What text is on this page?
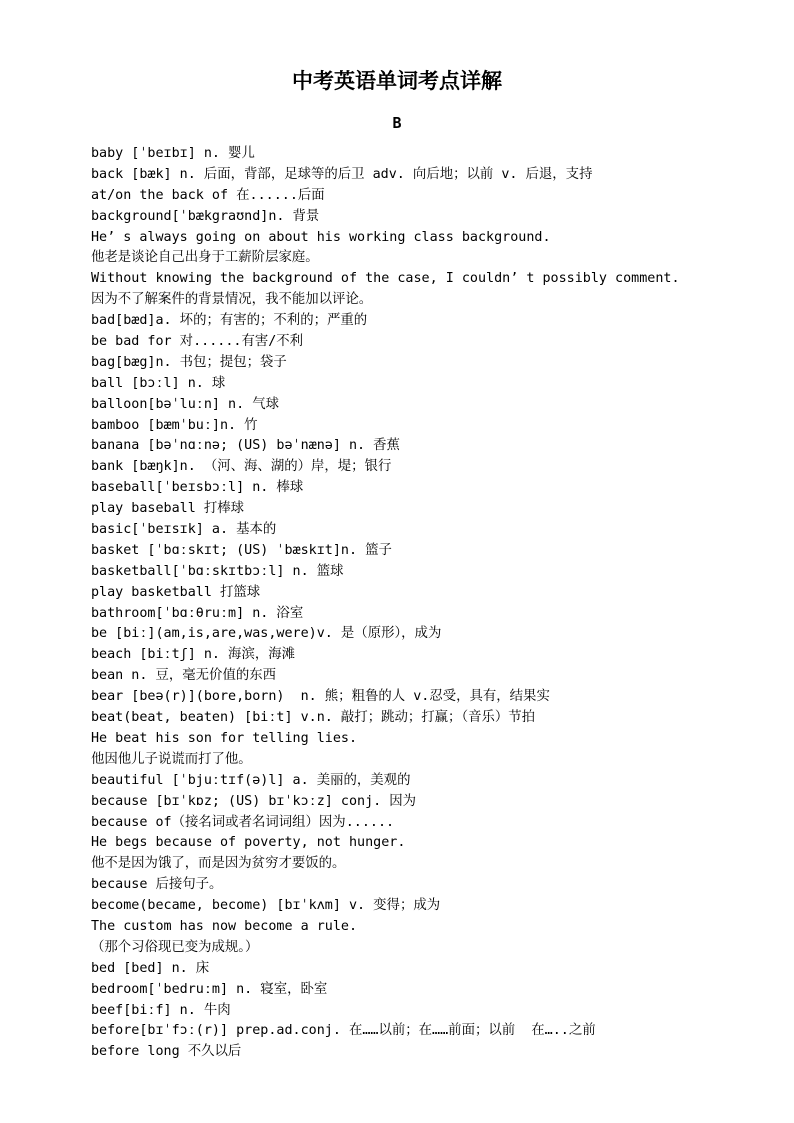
中考英语单词考点详解
B
baby [ˈbeɪbɪ] n. 婴儿
back [bæk] n. 后面，背部，足球等的后卫 adv. 向后地；以前 v. 后退，支持
at/on the back of 在......后面
background[ˈbækgraʊnd]n. 背景
He’ s always going on about his working class background.
他老是谈论自己出身于工薪阶层家庭。
Without knowing the background of the case, I couldn’ t possibly comment.
因为不了解案件的背景情况，我不能加以评论。
bad[bæd]a. 坏的；有害的；不利的；严重的
be bad for 对......有害/不利
bag[bæg]n. 书包；提包；袋子
ball [bɔːl] n. 球
balloon[bəˈluːn] n. 气球
bamboo [bæmˈbuː]n. 竹
banana [bəˈnɑːnə; (US) bəˈnænə] n. 香蕉
bank [bæŋk]n. （河、海、湖的）岸，堤；银行
baseball[ˈbeɪsbɔːl] n. 棒球
play baseball 打棒球
basic[ˈbeɪsɪk] a. 基本的
basket [ˈbɑːskɪt; (US) ˈbæskɪt]n. 篮子
basketball[ˈbɑːskɪtbɔːl] n. 篮球
play basketball 打篮球
bathroom[ˈbɑːθruːm] n. 浴室
be [biː](am,is,are,was,were)v. 是（原形），成为
beach [biːtʃ] n. 海滨，海滩
bean n. 豆，毫无价值的东西
bear [beə(r)](bore,born)  n. 熊；粗鲁的人 v.忍受，具有，结果实
beat(beat, beaten) [biːt] v.n. 敲打；跳动；打赢；（音乐）节拍
He beat his son for telling lies.
他因他儿子说谎而打了他。
beautiful [ˈbjuːtɪf(ə)l] a. 美丽的，美观的
because [bɪˈkɒz; (US) bɪˈkɔːz] conj. 因为
because of（接名词或者名词词组）因为......
He begs because of poverty, not hunger.
他不是因为饿了，而是因为贫穷才要饭的。
because 后接句子。
become(became, become) [bɪˈkʌm] v. 变得；成为
The custom has now become a rule.
（那个习俗现已变为成规。）
bed [bed] n. 床
bedroom[ˈbedruːm] n. 寝室，卧室
beef[biːf] n. 牛肉
before[bɪˈfɔː(r)] prep.ad.conj. 在……以前；在……前面；以前  在…..之前
before long 不久以后
